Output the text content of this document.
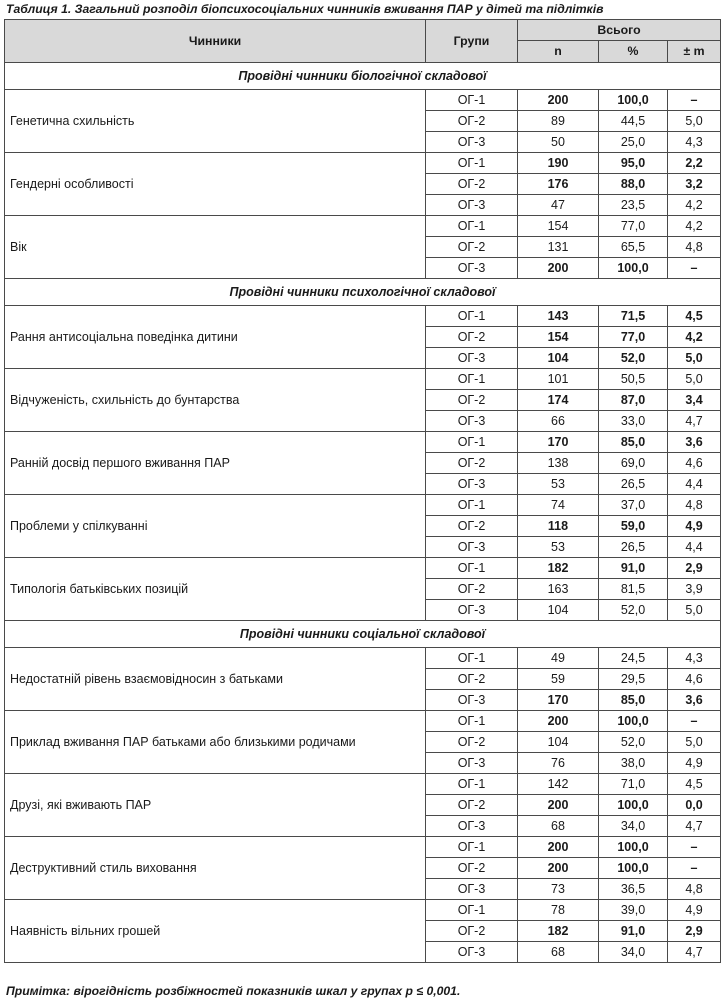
Таблиця 1. Загальний розподіл біопсихосоціальних чинників вживання ПАР у дітей та підлітків
Чинники	Групи	Всього		
		n	%	± m
Провідні чинники біологічної складової				
Генетична схильність	ОГ-1	200	100,0	–
	ОГ-2	89	44,5	5,0
	ОГ-3	50	25,0	4,3
Гендерні особливості	ОГ-1	190	95,0	2,2
	ОГ-2	176	88,0	3,2
	ОГ-3	47	23,5	4,2
Вік	ОГ-1	154	77,0	4,2
	ОГ-2	131	65,5	4,8
	ОГ-3	200	100,0	–
Провідні чинники психологічної складової				
Рання антисоціальна поведінка дитини	ОГ-1	143	71,5	4,5
	ОГ-2	154	77,0	4,2
	ОГ-3	104	52,0	5,0
Відчуженість, схильність до бунтарства	ОГ-1	101	50,5	5,0
	ОГ-2	174	87,0	3,4
	ОГ-3	66	33,0	4,7
Ранній досвід першого вживання ПАР	ОГ-1	170	85,0	3,6
	ОГ-2	138	69,0	4,6
	ОГ-3	53	26,5	4,4
Проблеми у спілкуванні	ОГ-1	74	37,0	4,8
	ОГ-2	118	59,0	4,9
	ОГ-3	53	26,5	4,4
Типологія батьківських позицій	ОГ-1	182	91,0	2,9
	ОГ-2	163	81,5	3,9
	ОГ-3	104	52,0	5,0
Провідні чинники соціальної складової				
Недостатній рівень взаємовідносин з батьками	ОГ-1	49	24,5	4,3
	ОГ-2	59	29,5	4,6
	ОГ-3	170	85,0	3,6
Приклад вживання ПАР батьками або близькими родичами	ОГ-1	200	100,0	–
	ОГ-2	104	52,0	5,0
	ОГ-3	76	38,0	4,9
Друзі, які вживають ПАР	ОГ-1	142	71,0	4,5
	ОГ-2	200	100,0	0,0
	ОГ-3	68	34,0	4,7
Деструктивний стиль виховання	ОГ-1	200	100,0	–
	ОГ-2	200	100,0	–
	ОГ-3	73	36,5	4,8
Наявність вільних грошей	ОГ-1	78	39,0	4,9
	ОГ-2	182	91,0	2,9
	ОГ-3	68	34,0	4,7
Примітка: вірогідність розбіжностей показників шкал у групах p ≤ 0,001.
